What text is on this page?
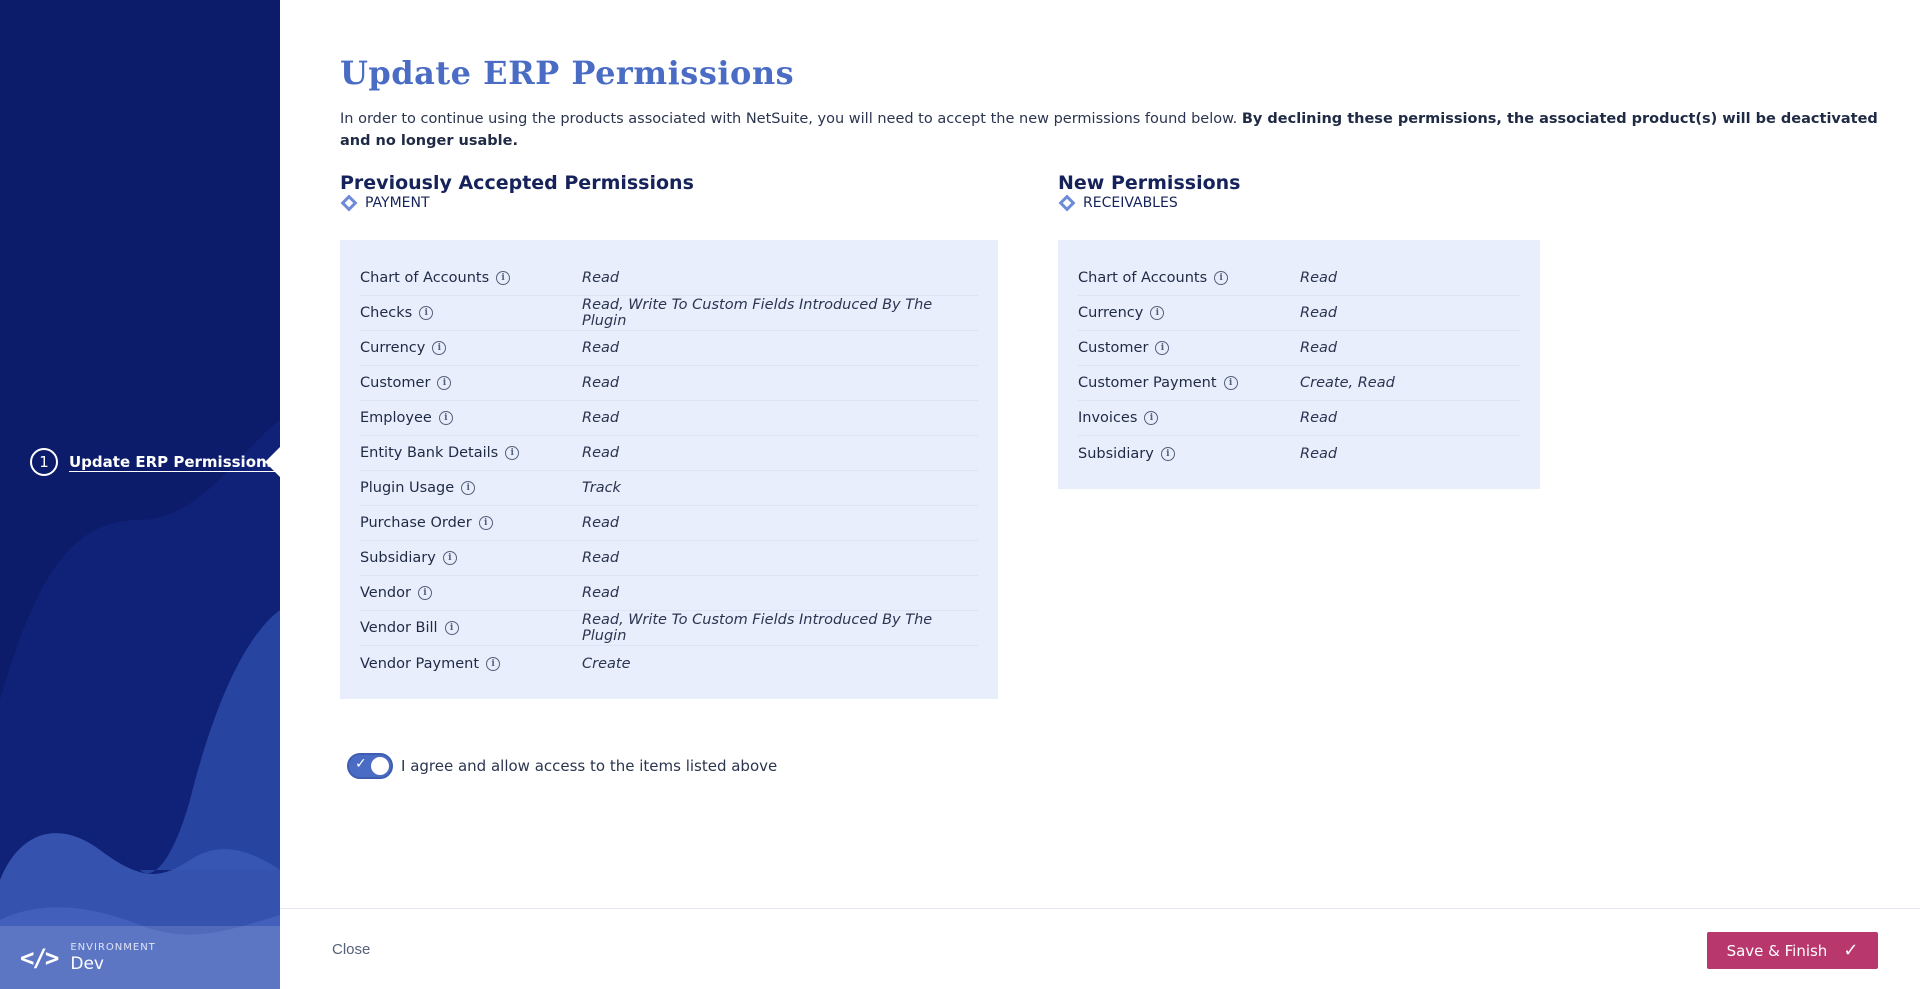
1	Update ERP Permissions
</> ENVIRONMENT
Dev
Update ERP Permissions

In order to continue using the products associated with NetSuite, you will need to accept the new permissions found below. By declining these permissions, the associated product(s) will be deactivated and no longer usable.

Previously Accepted Permissions
PAYMENT
Chart of Accounts	i	Read
Checks	i	Read, Write To Custom Fields Introduced By The Plugin
Currency	i	Read
Customer	i	Read
Employee	i	Read
Entity Bank Details	i	Read
Plugin Usage	i	Track
Purchase Order	i	Read
Subsidiary	i	Read
Vendor	i	Read
Vendor Bill	i	Read, Write To Custom Fields Introduced By The Plugin
Vendor Payment	i	Create
New Permissions
RECEIVABLES
Chart of Accounts	i	Read
Currency	i	Read
Customer	i	Read
Customer Payment	i	Create, Read
Invoices	i	Read
Subsidiary	i	Read
✓ I agree and allow access to the items listed above
Close	Save & Finish ✓
